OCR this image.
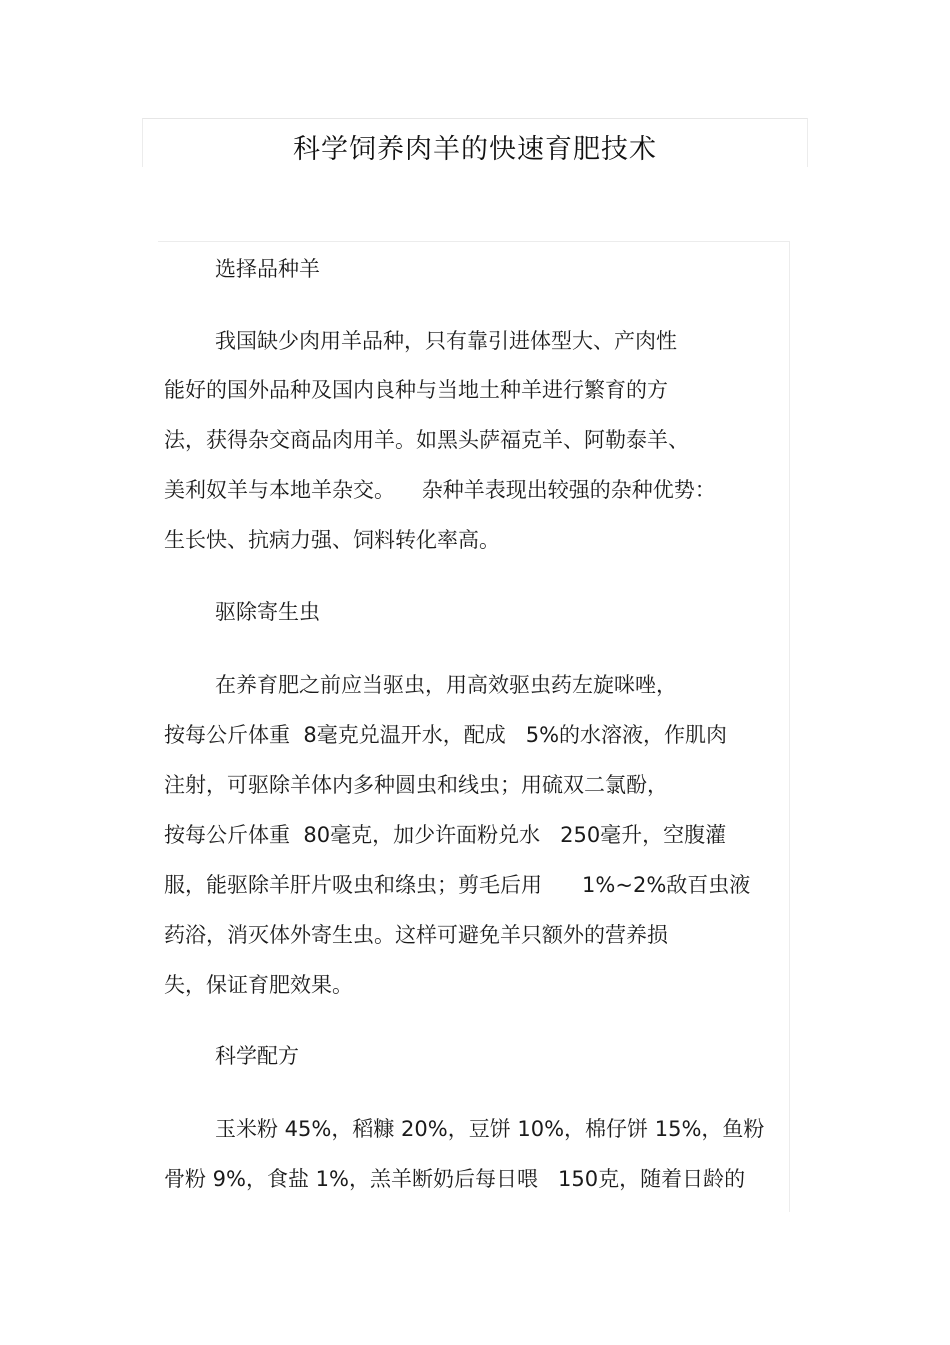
科学饲养肉羊的快速育肥技术
选择品种羊
我国缺少肉用羊品种，只有靠引进体型大、产肉性
能好的国外品种及国内良种与当地土种羊进行繁育的方
法，获得杂交商品肉用羊。如黑头萨福克羊、阿勒泰羊、
美利奴羊与本地羊杂交。    杂种羊表现出较强的杂种优势：
生长快、抗病力强、饲料转化率高。
驱除寄生虫
在养育肥之前应当驱虫，用高效驱虫药左旋咪唑，
按每公斤体重  8毫克兑温开水，配成   5%的水溶液，作肌肉
注射，可驱除羊体内多种圆虫和线虫；用硫双二氯酚，
按每公斤体重  80毫克，加少许面粉兑水   250毫升，空腹灌
服，能驱除羊肝片吸虫和绦虫；剪毛后用      1%~2%敌百虫液
药浴，消灭体外寄生虫。这样可避免羊只额外的营养损
失，保证育肥效果。
科学配方
玉米粉 45%，稻糠 20%，豆饼 10%，棉仔饼 15%，鱼粉
骨粉 9%，食盐 1%，羔羊断奶后每日喂   150克，随着日龄的
